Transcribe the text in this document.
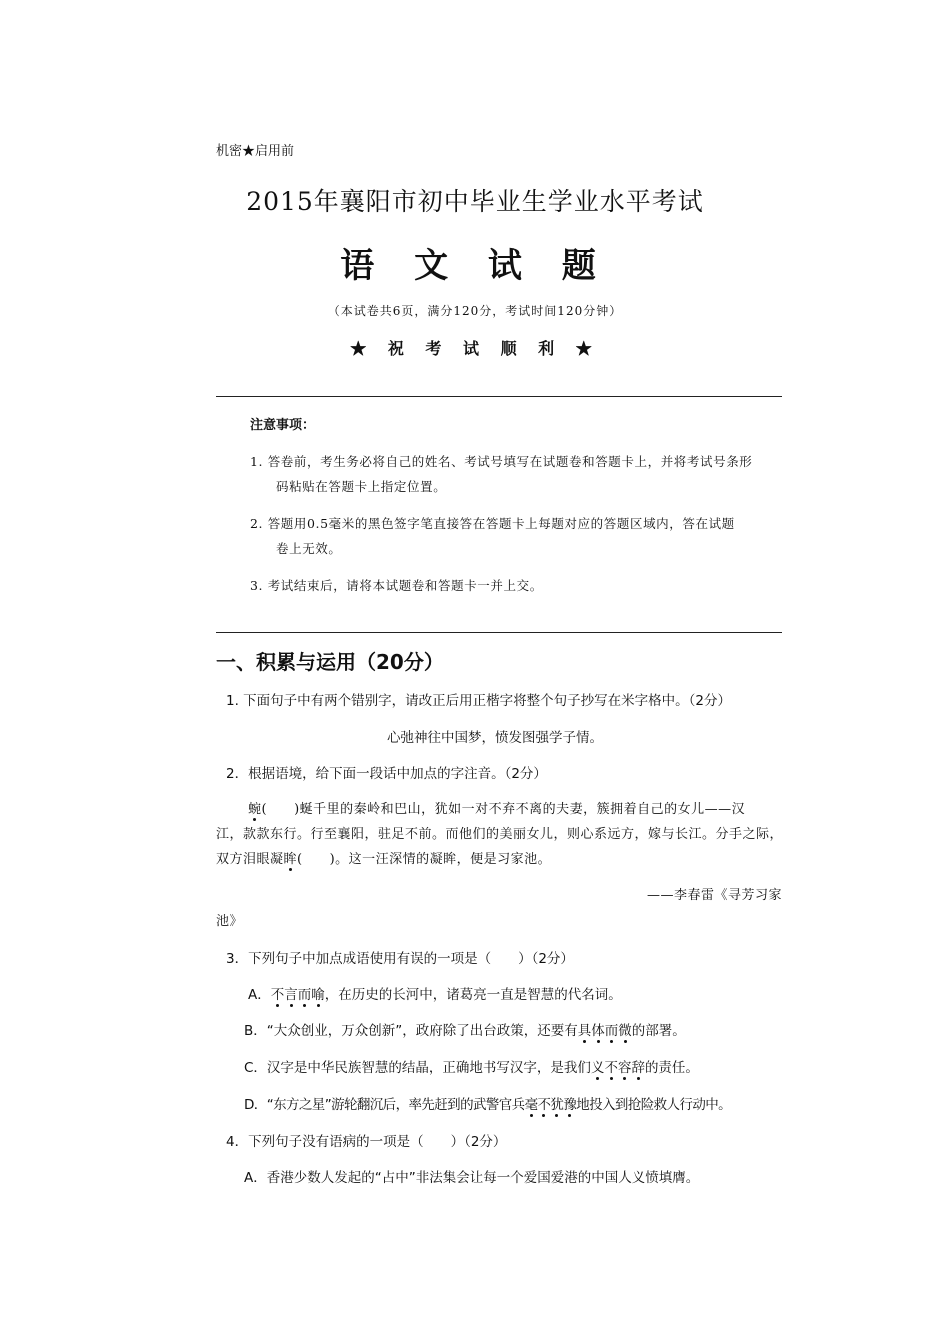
机密★启用前
2015年襄阳市初中毕业生学业水平考试
语 文 试 题
（本试卷共6页，满分120分，考试时间120分钟）
★ 祝 考 试 顺 利 ★
注意事项：
1. 答卷前，考生务必将自己的姓名、考试号填写在试题卷和答题卡上，并将考试号条形
码粘贴在答题卡上指定位置。
2. 答题用0.5毫米的黑色签字笔直接答在答题卡上每题对应的答题区域内，答在试题
卷上无效。
3. 考试结束后，请将本试题卷和答题卡一并上交。
一、积累与运用（20分）
1. 下面句子中有两个错别字，请改正后用正楷字将整个句子抄写在米字格中。（2分）
心弛神往中国梦，愤发图强学子情。
2．根据语境，给下面一段话中加点的字注音。（2分）
蜿(　　)蜒千里的秦岭和巴山，犹如一对不弃不离的夫妻，簇拥着自己的女儿——汉
江，款款东行。行至襄阳，驻足不前。而他们的美丽女儿，则心系远方，嫁与长江。分手之际，
双方泪眼凝眸(　　)。这一汪深情的凝眸，便是习家池。
——李春雷《寻芳习家
池》
3．下列句子中加点成语使用有误的一项是（　　）（2分）
A．不言而喻，在历史的长河中，诸葛亮一直是智慧的代名词。
B．“大众创业，万众创新”，政府除了出台政策，还要有具体而微的部署。
C．汉字是中华民族智慧的结晶，正确地书写汉字，是我们义不容辞的责任。
D．“东方之星”游轮翻沉后，率先赶到的武警官兵毫不犹豫地投入到抢险救人行动中。
4．下列句子没有语病的一项是（　　）（2分）
A．香港少数人发起的“占中”非法集会让每一个爱国爱港的中国人义愤填膺。
